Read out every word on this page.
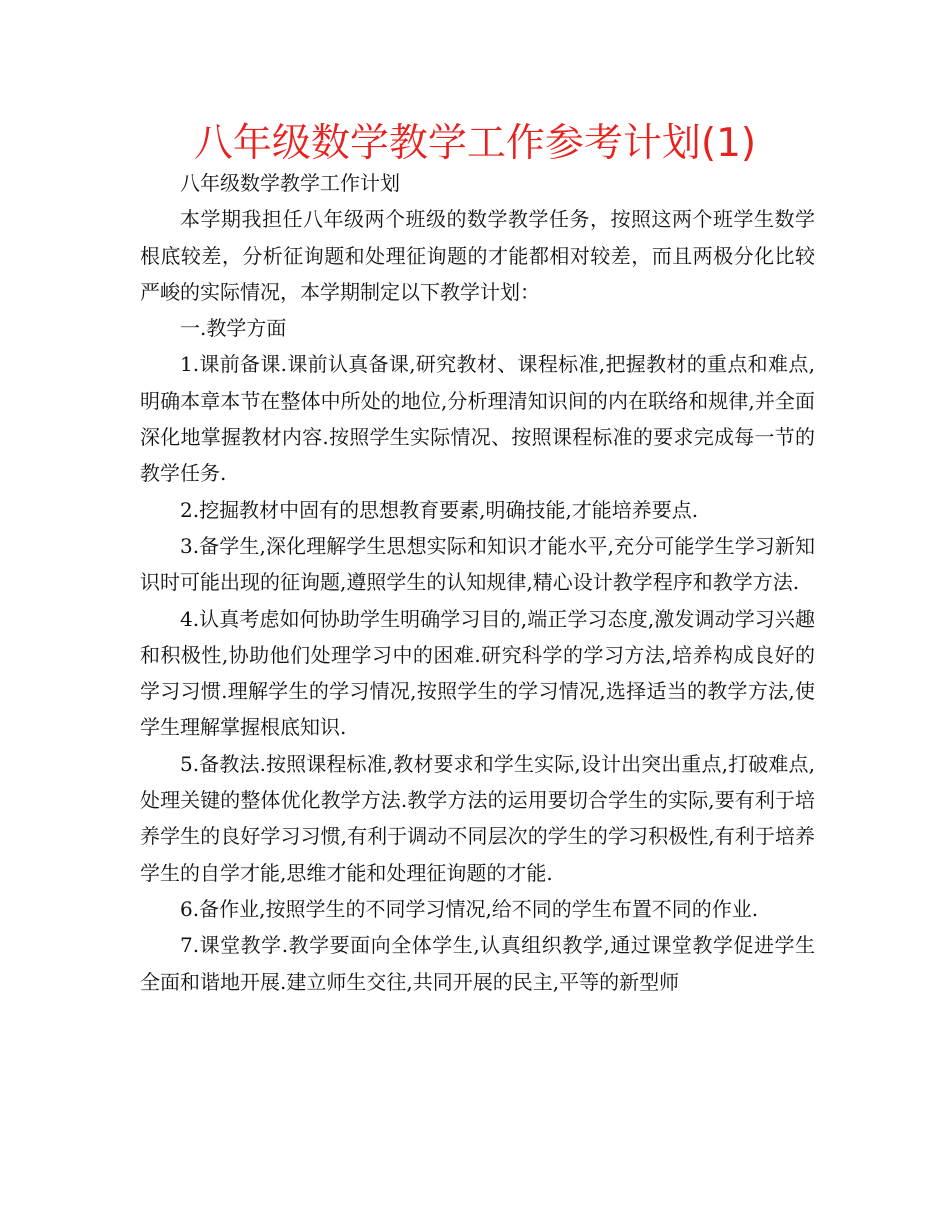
八年级数学教学工作参考计划(1)

八年级数学教学工作计划

本学期我担任八年级两个班级的数学教学任务，按照这两个班学生数学根底较差，分析征询题和处理征询题的才能都相对较差，而且两极分化比较严峻的实际情况，本学期制定以下教学计划：

一.教学方面

1.课前备课.课前认真备课,研究教材、课程标准,把握教材的重点和难点,明确本章本节在整体中所处的地位,分析理清知识间的内在联络和规律,并全面深化地掌握教材内容.按照学生实际情况、按照课程标准的要求完成每一节的教学任务.

2.挖掘教材中固有的思想教育要素,明确技能,才能培养要点.

3.备学生,深化理解学生思想实际和知识才能水平,充分可能学生学习新知识时可能出现的征询题,遵照学生的认知规律,精心设计教学程序和教学方法.

4.认真考虑如何协助学生明确学习目的,端正学习态度,激发调动学习兴趣和积极性,协助他们处理学习中的困难.研究科学的学习方法,培养构成良好的学习习惯.理解学生的学习情况,按照学生的学习情况,选择适当的教学方法,使学生理解掌握根底知识.

5.备教法.按照课程标准,教材要求和学生实际,设计出突出重点,打破难点,处理关键的整体优化教学方法.教学方法的运用要切合学生的实际,要有利于培养学生的良好学习习惯,有利于调动不同层次的学生的学习积极性,有利于培养学生的自学才能,思维才能和处理征询题的才能.

6.备作业,按照学生的不同学习情况,给不同的学生布置不同的作业.

7.课堂教学.教学要面向全体学生,认真组织教学,通过课堂教学促进学生全面和谐地开展.建立师生交往,共同开展的民主,平等的新型师
